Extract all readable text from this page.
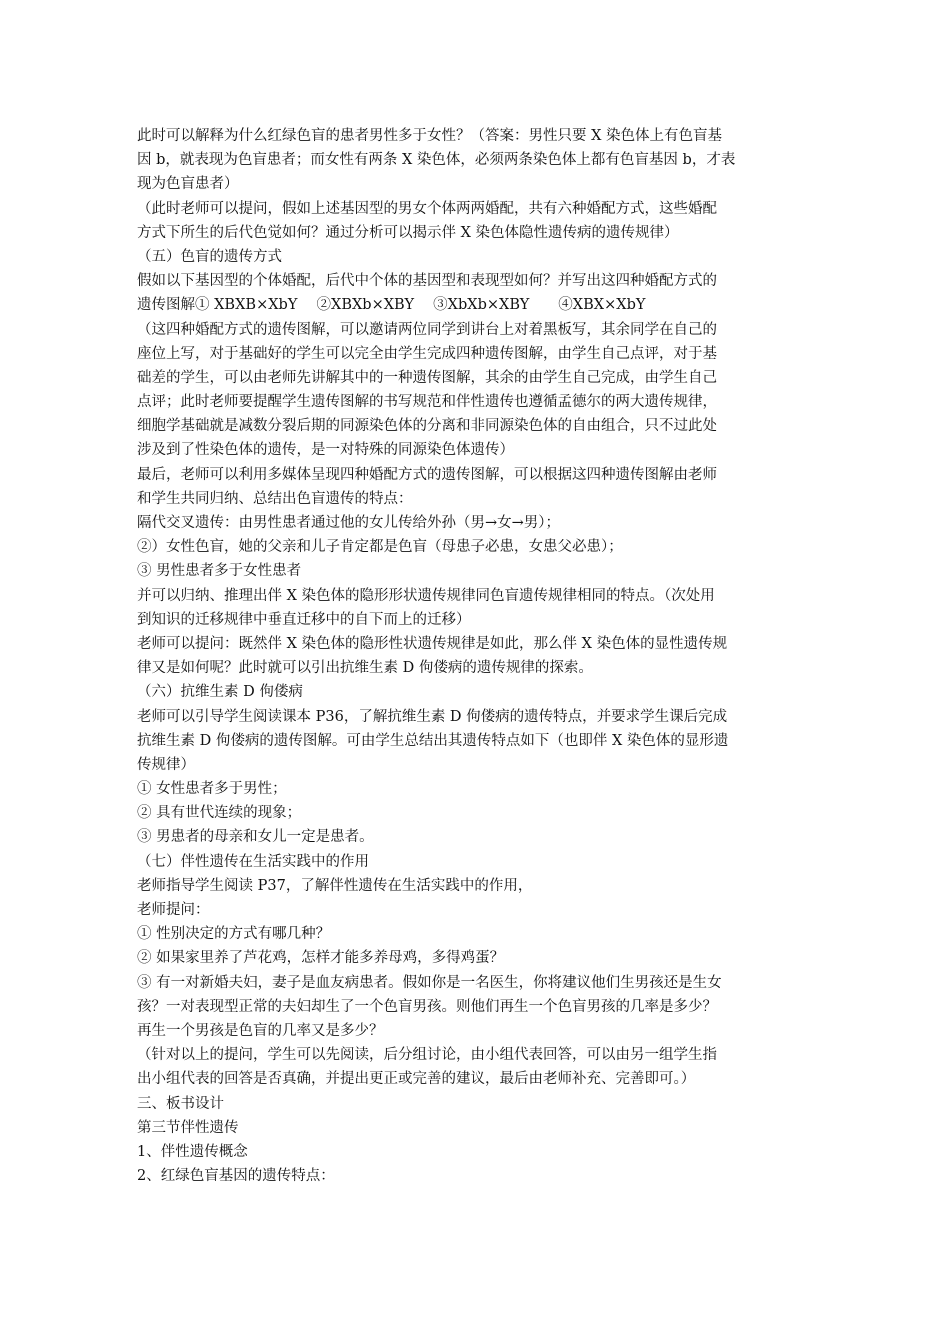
此时可以解释为什么红绿色盲的患者男性多于女性？（答案：男性只要 X 染色体上有色盲基
因 b，就表现为色盲患者；而女性有两条 X 染色体，必须两条染色体上都有色盲基因 b，才表
现为色盲患者）
（此时老师可以提问，假如上述基因型的男女个体两两婚配，共有六种婚配方式，这些婚配
方式下所生的后代色觉如何？通过分析可以揭示伴 X 染色体隐性遗传病的遗传规律）
（五）色盲的遗传方式
假如以下基因型的个体婚配，后代中个体的基因型和表现型如何？并写出这四种婚配方式的
遗传图解① XBXB×XbY　 ②XBXb×XBY　 ③XbXb×XBY　　④XBX×XbY
（这四种婚配方式的遗传图解，可以邀请两位同学到讲台上对着黑板写，其余同学在自己的
座位上写，对于基础好的学生可以完全由学生完成四种遗传图解，由学生自己点评，对于基
础差的学生，可以由老师先讲解其中的一种遗传图解，其余的由学生自己完成，由学生自己
点评；此时老师要提醒学生遗传图解的书写规范和伴性遗传也遵循孟德尔的两大遗传规律，
细胞学基础就是减数分裂后期的同源染色体的分离和非同源染色体的自由组合，只不过此处
涉及到了性染色体的遗传，是一对特殊的同源染色体遗传）
最后，老师可以利用多媒体呈现四种婚配方式的遗传图解，可以根据这四种遗传图解由老师
和学生共同归纳、总结出色盲遗传的特点：
隔代交叉遗传：由男性患者通过他的女儿传给外孙（男→女→男）；
②）女性色盲，她的父亲和儿子肯定都是色盲（母患子必患，女患父必患）；
③ 男性患者多于女性患者
并可以归纳、推理出伴 X 染色体的隐形形状遗传规律同色盲遗传规律相同的特点。（次处用
到知识的迁移规律中垂直迁移中的自下而上的迁移）
老师可以提问：既然伴 X 染色体的隐形性状遗传规律是如此，那么伴 X 染色体的显性遗传规
律又是如何呢？此时就可以引出抗维生素 D 佝偻病的遗传规律的探索。
（六）抗维生素 D 佝偻病
老师可以引导学生阅读课本 P36，了解抗维生素 D 佝偻病的遗传特点，并要求学生课后完成
抗维生素 D 佝偻病的遗传图解。可由学生总结出其遗传特点如下（也即伴 X 染色体的显形遗
传规律）
① 女性患者多于男性；
② 具有世代连续的现象；
③ 男患者的母亲和女儿一定是患者。
（七）伴性遗传在生活实践中的作用
老师指导学生阅读 P37，了解伴性遗传在生活实践中的作用，
老师提问：
① 性别决定的方式有哪几种？
② 如果家里养了芦花鸡，怎样才能多养母鸡，多得鸡蛋？
③ 有一对新婚夫妇，妻子是血友病患者。假如你是一名医生，你将建议他们生男孩还是生女
孩？一对表现型正常的夫妇却生了一个色盲男孩。则他们再生一个色盲男孩的几率是多少？
再生一个男孩是色盲的几率又是多少？
（针对以上的提问，学生可以先阅读，后分组讨论，由小组代表回答，可以由另一组学生指
出小组代表的回答是否真确，并提出更正或完善的建议，最后由老师补充、完善即可。）
三、板书设计
第三节伴性遗传
1、伴性遗传概念
2、红绿色盲基因的遗传特点：
